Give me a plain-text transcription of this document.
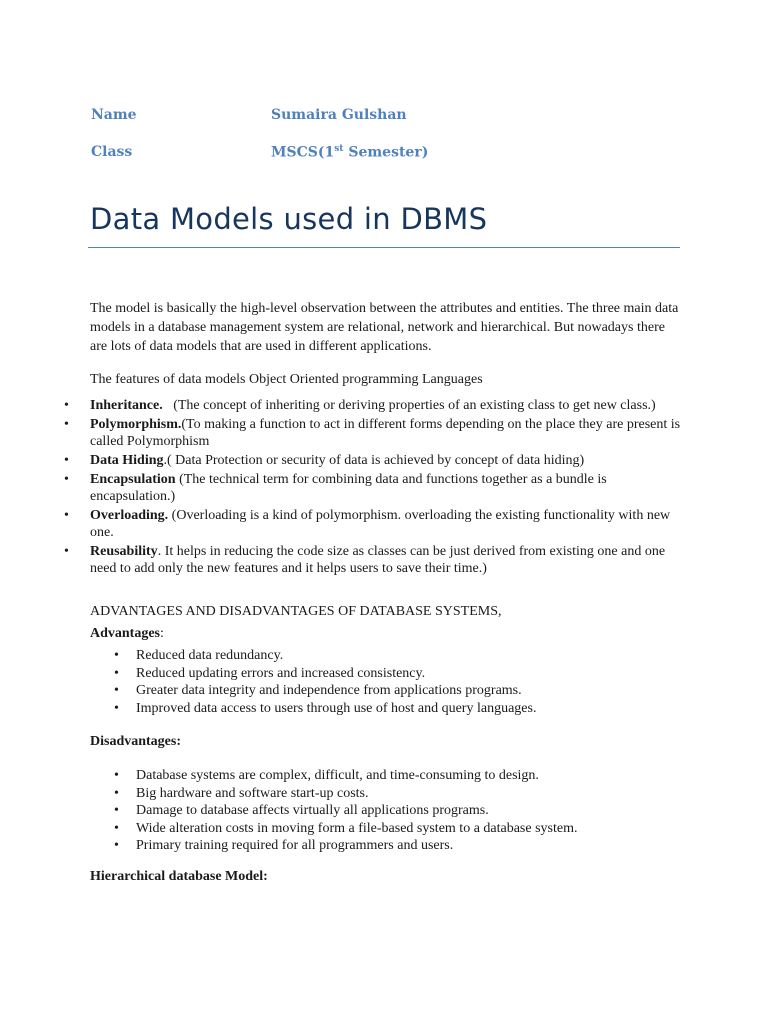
Name	Sumaira Gulshan
Class	MSCS(1st Semester)
Data Models used in DBMS
The model is basically the high-level observation between the attributes and entities. The three main data models in a database management system are relational, network and hierarchical. But nowadays there are lots of data models that are used in different applications.
The features of data models Object Oriented programming Languages
• Inheritance.   (The concept of inheriting or deriving properties of an existing class to get new class.)
• Polymorphism.(To making a function to act in different forms depending on the place they are present is called Polymorphism
• Data Hiding.( Data Protection or security of data is achieved by concept of data hiding)
• Encapsulation (The technical term for combining data and functions together as a bundle is encapsulation.)
• Overloading. (Overloading is a kind of polymorphism. overloading the existing functionality with new one.
• Reusability. It helps in reducing the code size as classes can be just derived from existing one and one need to add only the new features and it helps users to save their time.)
ADVANTAGES AND DISADVANTAGES OF DATABASE SYSTEMS,
Advantages:
• Reduced data redundancy.
• Reduced updating errors and increased consistency.
• Greater data integrity and independence from applications programs.
• Improved data access to users through use of host and query languages.
Disadvantages:
• Database systems are complex, difficult, and time-consuming to design.
• Big hardware and software start-up costs.
• Damage to database affects virtually all applications programs.
• Wide alteration costs in moving form a file-based system to a database system.
• Primary training required for all programmers and users.
Hierarchical database Model:
